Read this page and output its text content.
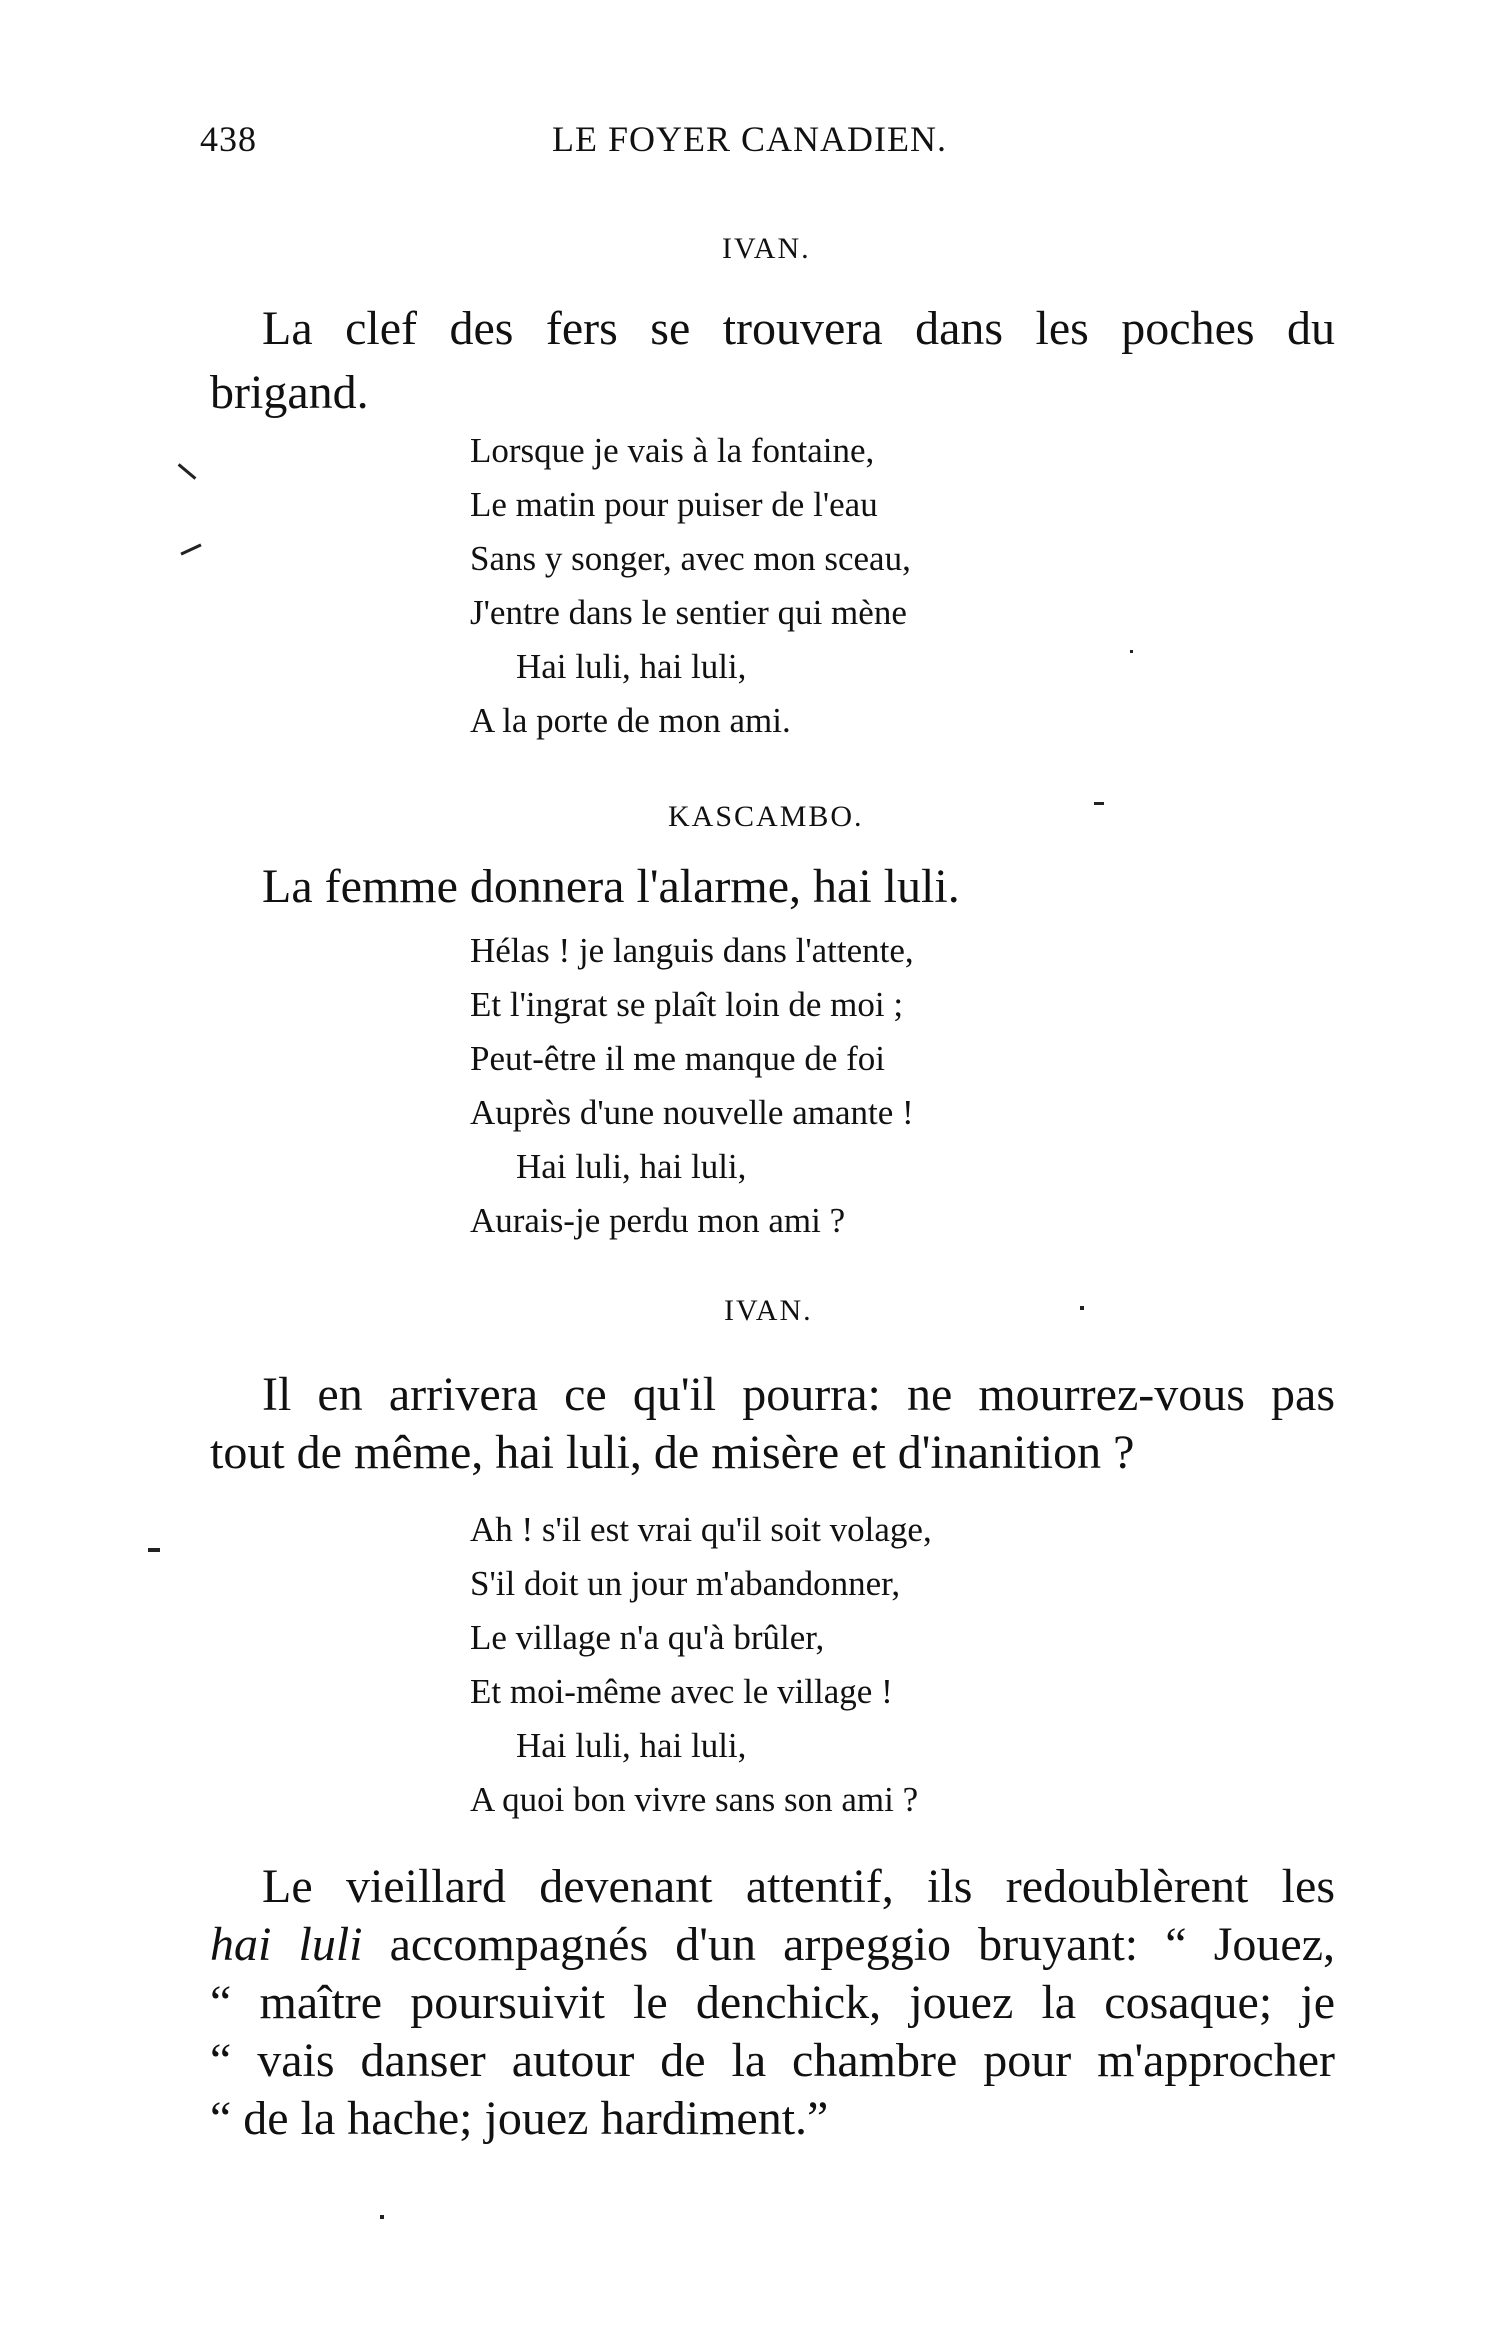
438	LE FOYER CANADIEN.
IVAN.

La clef des fers se trouvera dans les poches du
brigand.

Lorsque je vais à la fontaine,
Le matin pour puiser de l'eau
Sans y songer, avec mon sceau,
J'entre dans le sentier qui mène
Hai luli, hai luli,
A la porte de mon ami.
KASCAMBO.

La femme donnera l'alarme, hai luli.

Hélas ! je languis dans l'attente,
Et l'ingrat se plaît loin de moi ;
Peut-être il me manque de foi
Auprès d'une nouvelle amante !
Hai luli, hai luli,
Aurais-je perdu mon ami ?
IVAN.

Il en arrivera ce qu'il pourra: ne mourrez-vous pas
tout de même, hai luli, de misère et d'inanition ?

Ah ! s'il est vrai qu'il soit volage,
S'il doit un jour m'abandonner,
Le village n'a qu'à brûler,
Et moi-même avec le village !
Hai luli, hai luli,
A quoi bon vivre sans son ami ?

Le vieillard devenant attentif, ils redoublèrent les
hai luli accompagnés d'un arpeggio bruyant: “ Jouez,
“ maître poursuivit le denchick, jouez la cosaque; je
“ vais danser autour de la chambre pour m'approcher
“ de la hache; jouez hardiment.”
